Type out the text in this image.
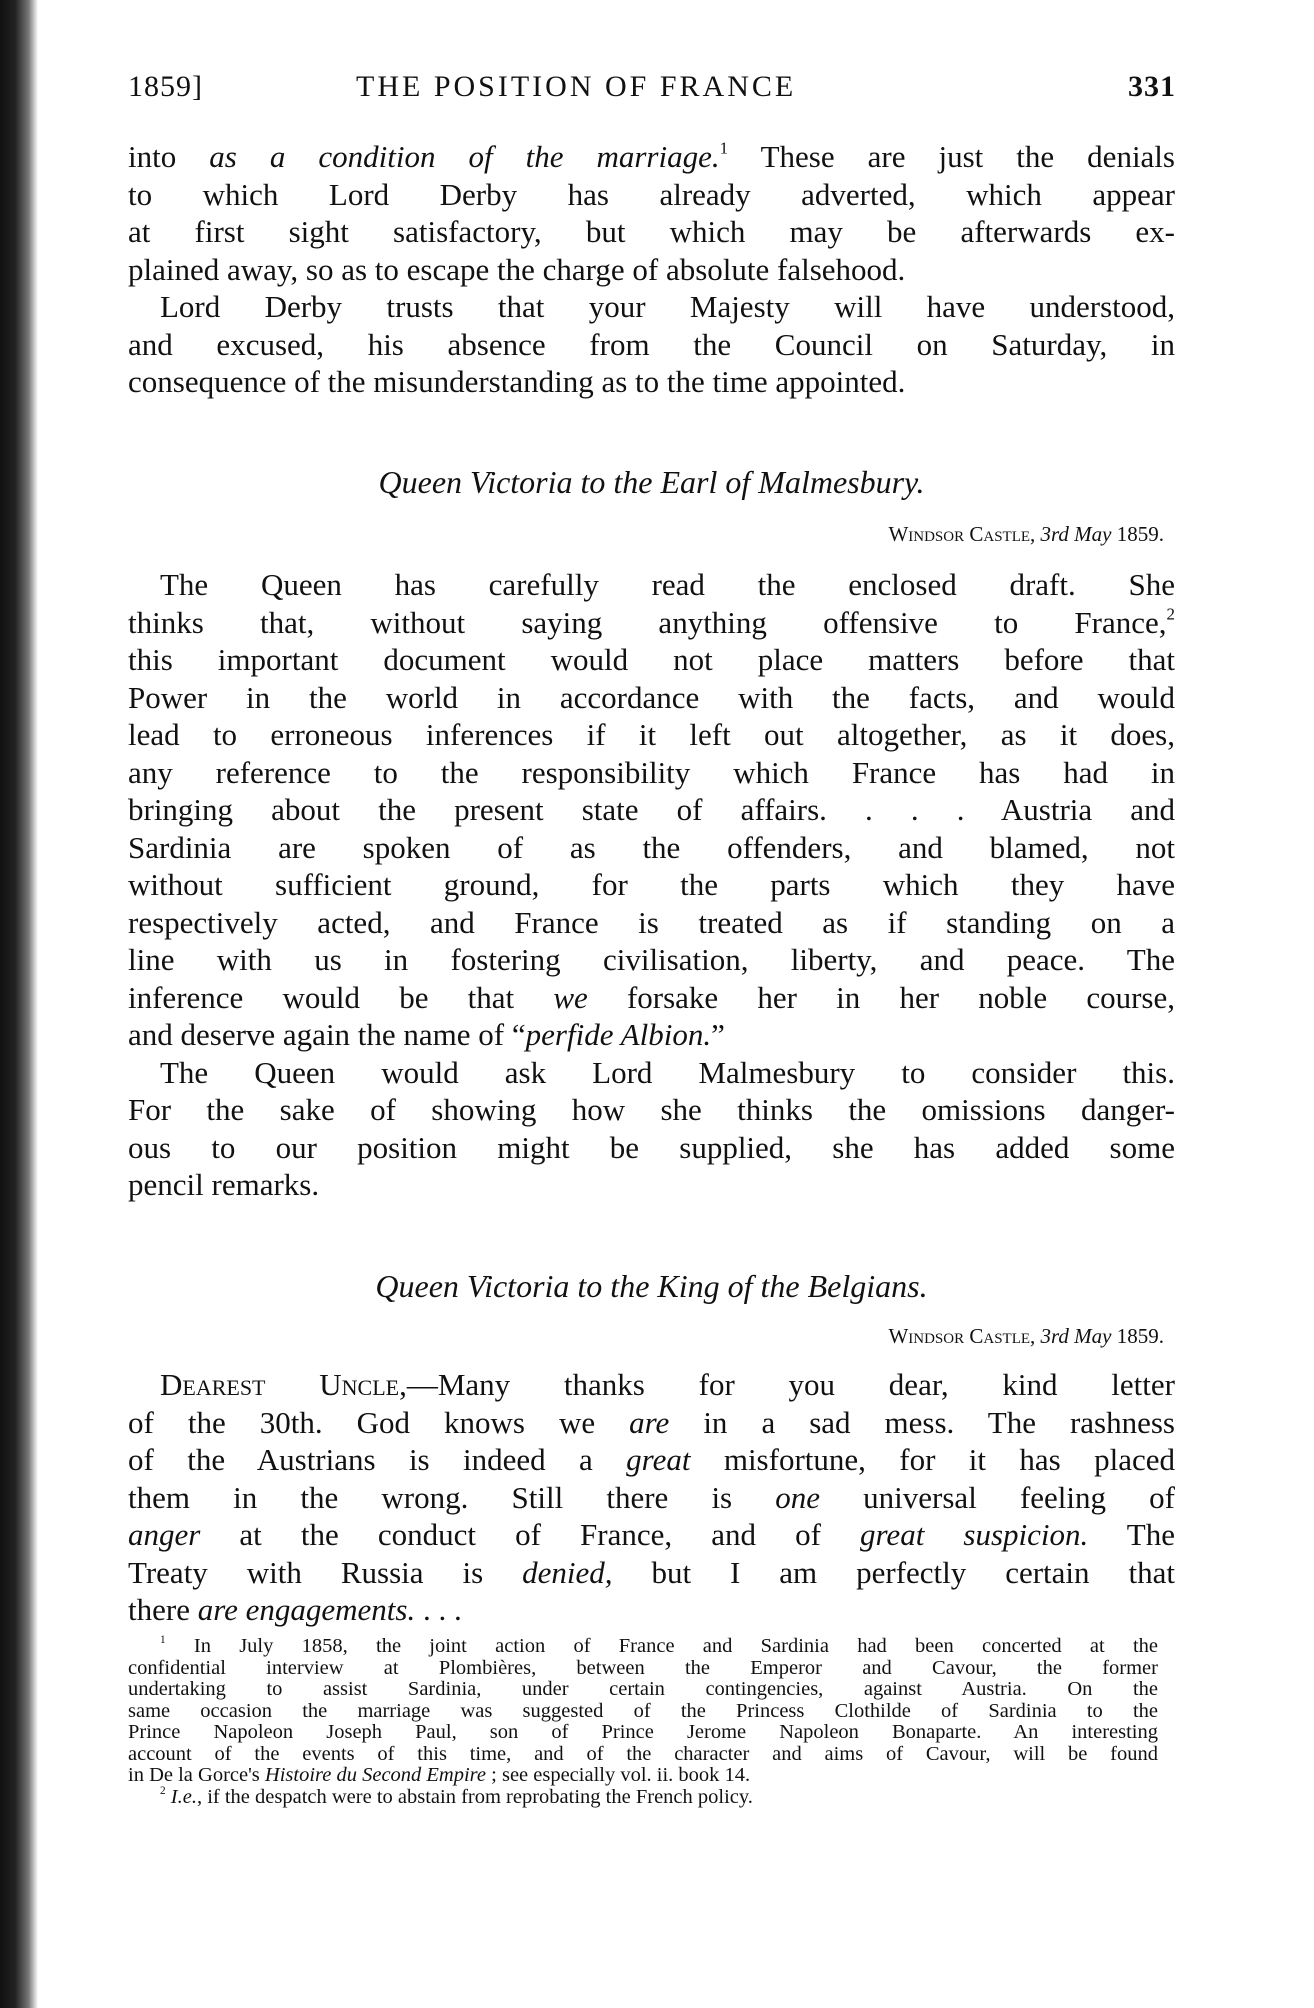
1859]	THE POSITION OF FRANCE	331
into as a condition of the marriage.$^1$ These are just the denials
to which Lord Derby has already adverted, which appear
at first sight satisfactory, but which may be afterwards ex-
plained away, so as to escape the charge of absolute falsehood.
Lord Derby trusts that your Majesty will have understood,
and excused, his absence from the Council on Saturday, in
consequence of the misunderstanding as to the time appointed.
Queen Victoria to the Earl of Malmesbury.
Windsor Castle, 3rd May 1859.
The Queen has carefully read the enclosed draft. She
thinks that, without saying anything offensive to France,$^2$
this important document would not place matters before that
Power in the world in accordance with the facts, and would
lead to erroneous inferences if it left out altogether, as it does,
any reference to the responsibility which France has had in
bringing about the present state of affairs. . . . Austria and
Sardinia are spoken of as the offenders, and blamed, not
without sufficient ground, for the parts which they have
respectively acted, and France is treated as if standing on a
line with us in fostering civilisation, liberty, and peace. The
inference would be that we forsake her in her noble course,
and deserve again the name of “perfide Albion.”
The Queen would ask Lord Malmesbury to consider this.
For the sake of showing how she thinks the omissions danger-
ous to our position might be supplied, she has added some
pencil remarks.
Queen Victoria to the King of the Belgians.
Windsor Castle, 3rd May 1859.
Dearest Uncle,—Many thanks for you dear, kind letter
of the 30th. God knows we are in a sad mess. The rashness
of the Austrians is indeed a great misfortune, for it has placed
them in the wrong. Still there is one universal feeling of
anger at the conduct of France, and of great suspicion. The
Treaty with Russia is denied, but I am perfectly certain that
there are engagements. . . .
$^1$ In July 1858, the joint action of France and Sardinia had been concerted at the
confidential interview at Plombières, between the Emperor and Cavour, the former
undertaking to assist Sardinia, under certain contingencies, against Austria. On the
same occasion the marriage was suggested of the Princess Clothilde of Sardinia to the
Prince Napoleon Joseph Paul, son of Prince Jerome Napoleon Bonaparte. An interesting
account of the events of this time, and of the character and aims of Cavour, will be found
in De la Gorce's Histoire du Second Empire ; see especially vol. ii. book 14.
$^2$ I.e., if the despatch were to abstain from reprobating the French policy.
